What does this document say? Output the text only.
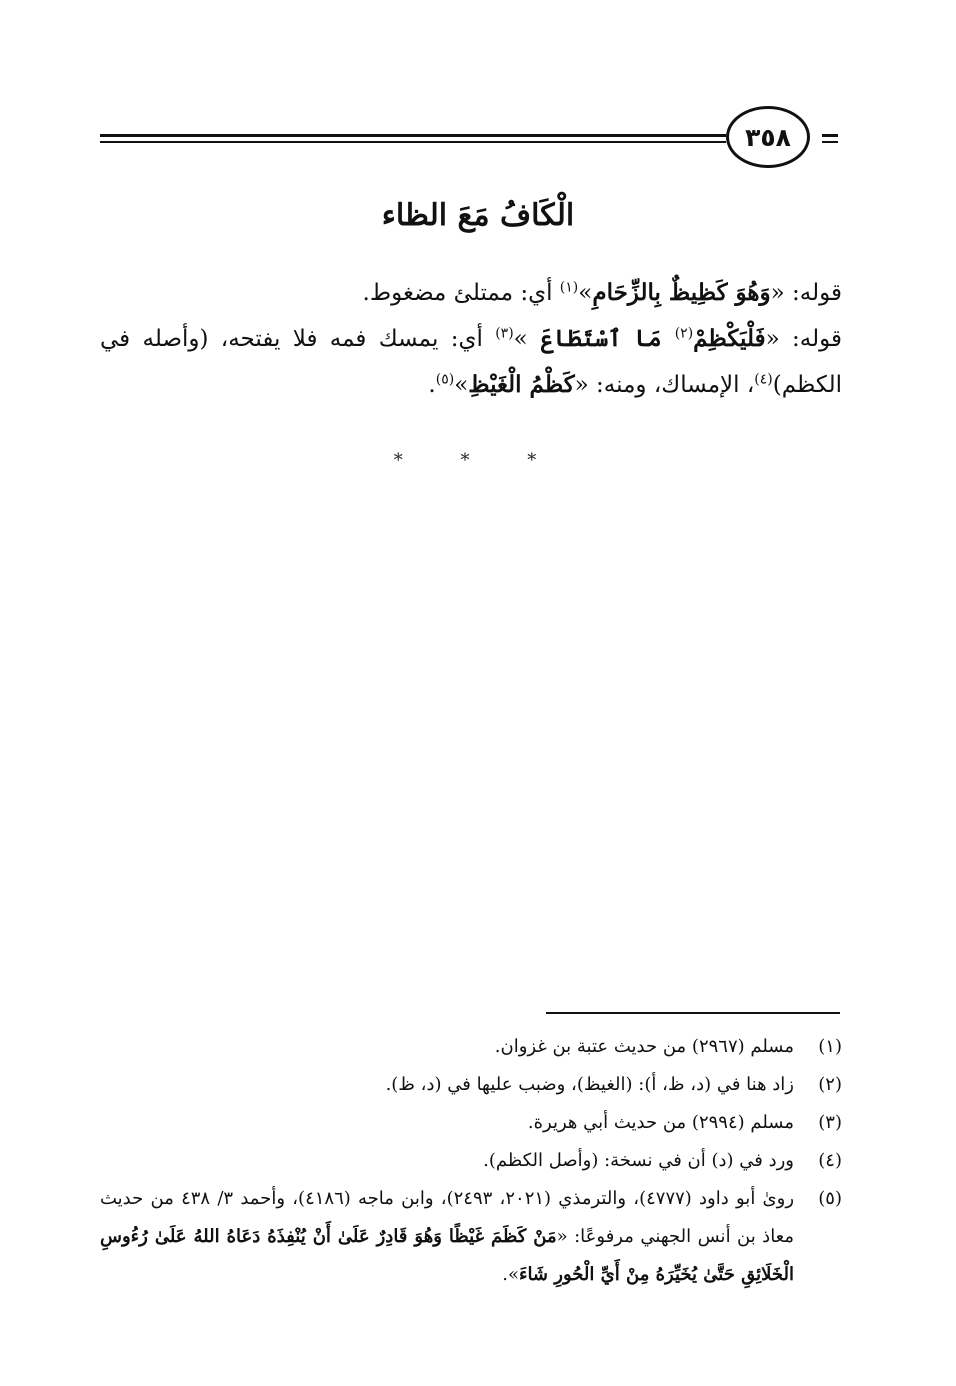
٣٥٨
الْكَافُ مَعَ الظاء

قوله: «وَهُوَ كَظِيظٌ بِالزِّحَامِ»$^{(١)}$ أي: ممتلئ مضغوط.

قوله: «فَلْيَكْظِمْ$^{(٢)}$ مَا ٱسْتَطَاعَ »$^{(٣)}$ أي: يمسك فمه فلا يفتحه، (وأصله في الكظم)$^{(٤)}$، الإمساك، ومنه: «كَظْمُ الْغَيْظِ»$^{(٥)}$.

* * *
(١)
مسلم (٢٩٦٧) من حديث عتبة بن غزوان.
(٢)
زاد هنا في (د، ظ، أ): (الغيظ)، وضبب عليها في (د، ظ).
(٣)
مسلم (٢٩٩٤) من حديث أبي هريرة.
(٤)
ورد في (د) أن في نسخة: (وأصل الكظم).
(٥)
روىٰ أبو داود (٤٧٧٧)، والترمذي (٢٠٢١، ٢٤٩٣)، وابن ماجه (٤١٨٦)، وأحمد ٣/ ٤٣٨ من حديث معاذ بن أنس الجهني مرفوعًا: «مَنْ كَظَمَ غَيْظًا وَهُوَ قَادِرٌ عَلَىٰ أَنْ يُنْفِذَهُ دَعَاهُ اللهُ عَلَىٰ رُءُوسِ الْخَلَائِقِ حَتَّىٰ يُخَيِّرَهُ مِنْ أَيِّ الْحُورِ شَاءَ».
